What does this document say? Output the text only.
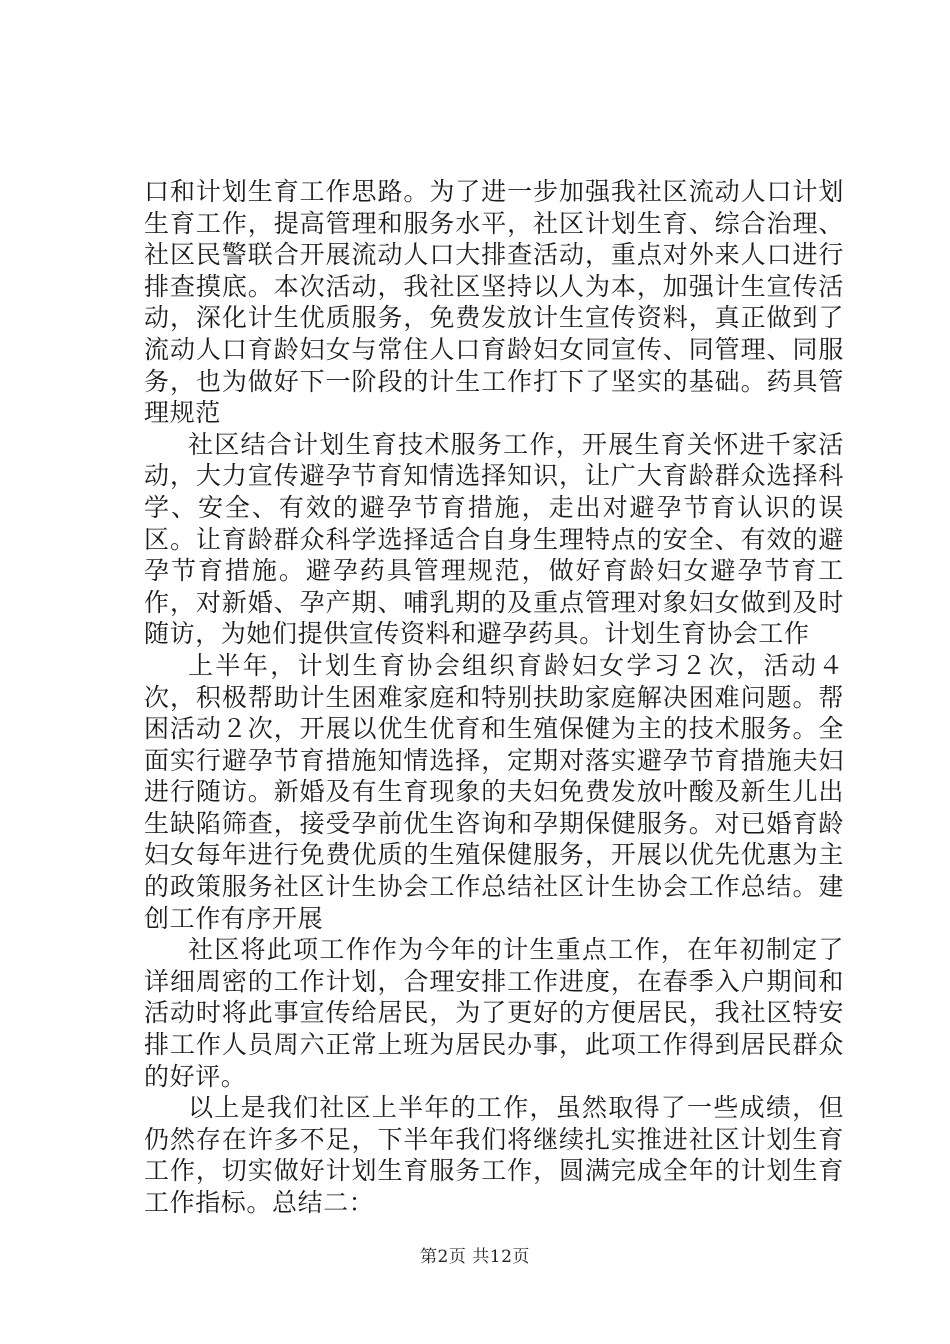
口和计划生育工作思路。为了进一步加强我社区流动人口计划生育工作，提高管理和服务水平，社区计划生育、综合治理、社区民警联合开展流动人口大排查活动，重点对外来人口进行排查摸底。本次活动，我社区坚持以人为本，加强计生宣传活动，深化计生优质服务，免费发放计生宣传资料，真正做到了流动人口育龄妇女与常住人口育龄妇女同宣传、同管理、同服务，也为做好下一阶段的计生工作打下了坚实的基础。药具管理规范

社区结合计划生育技术服务工作，开展生育关怀进千家活动，大力宣传避孕节育知情选择知识，让广大育龄群众选择科学、安全、有效的避孕节育措施，走出对避孕节育认识的误区。让育龄群众科学选择适合自身生理特点的安全、有效的避孕节育措施。避孕药具管理规范，做好育龄妇女避孕节育工作，对新婚、孕产期、哺乳期的及重点管理对象妇女做到及时随访，为她们提供宣传资料和避孕药具。计划生育协会工作

上半年，计划生育协会组织育龄妇女学习２次，活动４次，积极帮助计生困难家庭和特别扶助家庭解决困难问题。帮困活动２次，开展以优生优育和生殖保健为主的技术服务。全面实行避孕节育措施知情选择，定期对落实避孕节育措施夫妇进行随访。新婚及有生育现象的夫妇免费发放叶酸及新生儿出生缺陷筛查，接受孕前优生咨询和孕期保健服务。对已婚育龄妇女每年进行免费优质的生殖保健服务，开展以优先优惠为主的政策服务社区计生协会工作总结社区计生协会工作总结。建创工作有序开展

社区将此项工作作为今年的计生重点工作，在年初制定了详细周密的工作计划，合理安排工作进度，在春季入户期间和活动时将此事宣传给居民，为了更好的方便居民，我社区特安排工作人员周六正常上班为居民办事，此项工作得到居民群众的好评。

以上是我们社区上半年的工作，虽然取得了一些成绩，但仍然存在许多不足，下半年我们将继续扎实推进社区计划生育工作，切实做好计划生育服务工作，圆满完成全年的计划生育工作指标。总结二：

第2页 共12页
